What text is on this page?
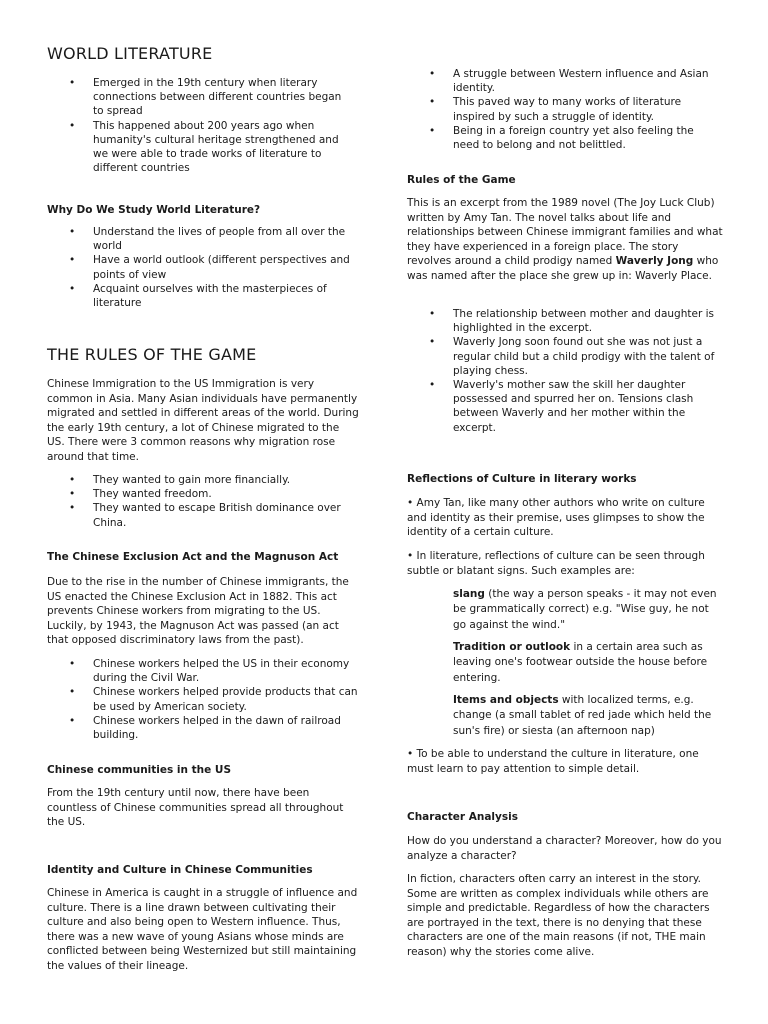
WORLD LITERATURE
• Emerged in the 19th century when literary connections between different countries began to spread
• This happened about 200 years ago when humanity's cultural heritage strengthened and we were able to trade works of literature to different countries
Why Do We Study World Literature?
• Understand the lives of people from all over the world
• Have a world outlook (different perspectives and points of view
• Acquaint ourselves with the masterpieces of literature
THE RULES OF THE GAME

Chinese Immigration to the US Immigration is very common in Asia. Many Asian individuals have permanently migrated and settled in different areas of the world. During the early 19th century, a lot of Chinese migrated to the US. There were 3 common reasons why migration rose around that time.

• They wanted to gain more financially.
• They wanted freedom.
• They wanted to escape British dominance over China.
The Chinese Exclusion Act and the Magnuson Act

Due to the rise in the number of Chinese immigrants, the US enacted the Chinese Exclusion Act in 1882. This act prevents Chinese workers from migrating to the US. Luckily, by 1943, the Magnuson Act was passed (an act that opposed discriminatory laws from the past).

• Chinese workers helped the US in their economy during the Civil War.
• Chinese workers helped provide products that can be used by American society.
• Chinese workers helped in the dawn of railroad building.
Chinese communities in the US

From the 19th century until now, there have been countless of Chinese communities spread all throughout the US.

Identity and Culture in Chinese Communities

Chinese in America is caught in a struggle of influence and culture. There is a line drawn between cultivating their culture and also being open to Western influence. Thus, there was a new wave of young Asians whose minds are conflicted between being Westernized but still maintaining the values of their lineage.

• A struggle between Western influence and Asian identity.
• This paved way to many works of literature inspired by such a struggle of identity.
• Being in a foreign country yet also feeling the need to belong and not belittled.
Rules of the Game

This is an excerpt from the 1989 novel (The Joy Luck Club) written by Amy Tan. The novel talks about life and relationships between Chinese immigrant families and what they have experienced in a foreign place. The story revolves around a child prodigy named Waverly Jong who was named after the place she grew up in: Waverly Place.

• The relationship between mother and daughter is highlighted in the excerpt.
• Waverly Jong soon found out she was not just a regular child but a child prodigy with the talent of playing chess.
• Waverly's mother saw the skill her daughter possessed and spurred her on. Tensions clash between Waverly and her mother within the excerpt.
Reflections of Culture in literary works

• Amy Tan, like many other authors who write on culture and identity as their premise, uses glimpses to show the identity of a certain culture.

• In literature, reflections of culture can be seen through subtle or blatant signs. Such examples are:

slang (the way a person speaks - it may not even be grammatically correct) e.g. "Wise guy, he not go against the wind."

Tradition or outlook in a certain area such as leaving one's footwear outside the house before entering.

Items and objects with localized terms, e.g. change (a small tablet of red jade which held the sun's fire) or siesta (an afternoon nap)

• To be able to understand the culture in literature, one must learn to pay attention to simple detail.

Character Analysis

How do you understand a character? Moreover, how do you analyze a character?

In fiction, characters often carry an interest in the story. Some are written as complex individuals while others are simple and predictable. Regardless of how the characters are portrayed in the text, there is no denying that these characters are one of the main reasons (if not, THE main reason) why the stories come alive.
